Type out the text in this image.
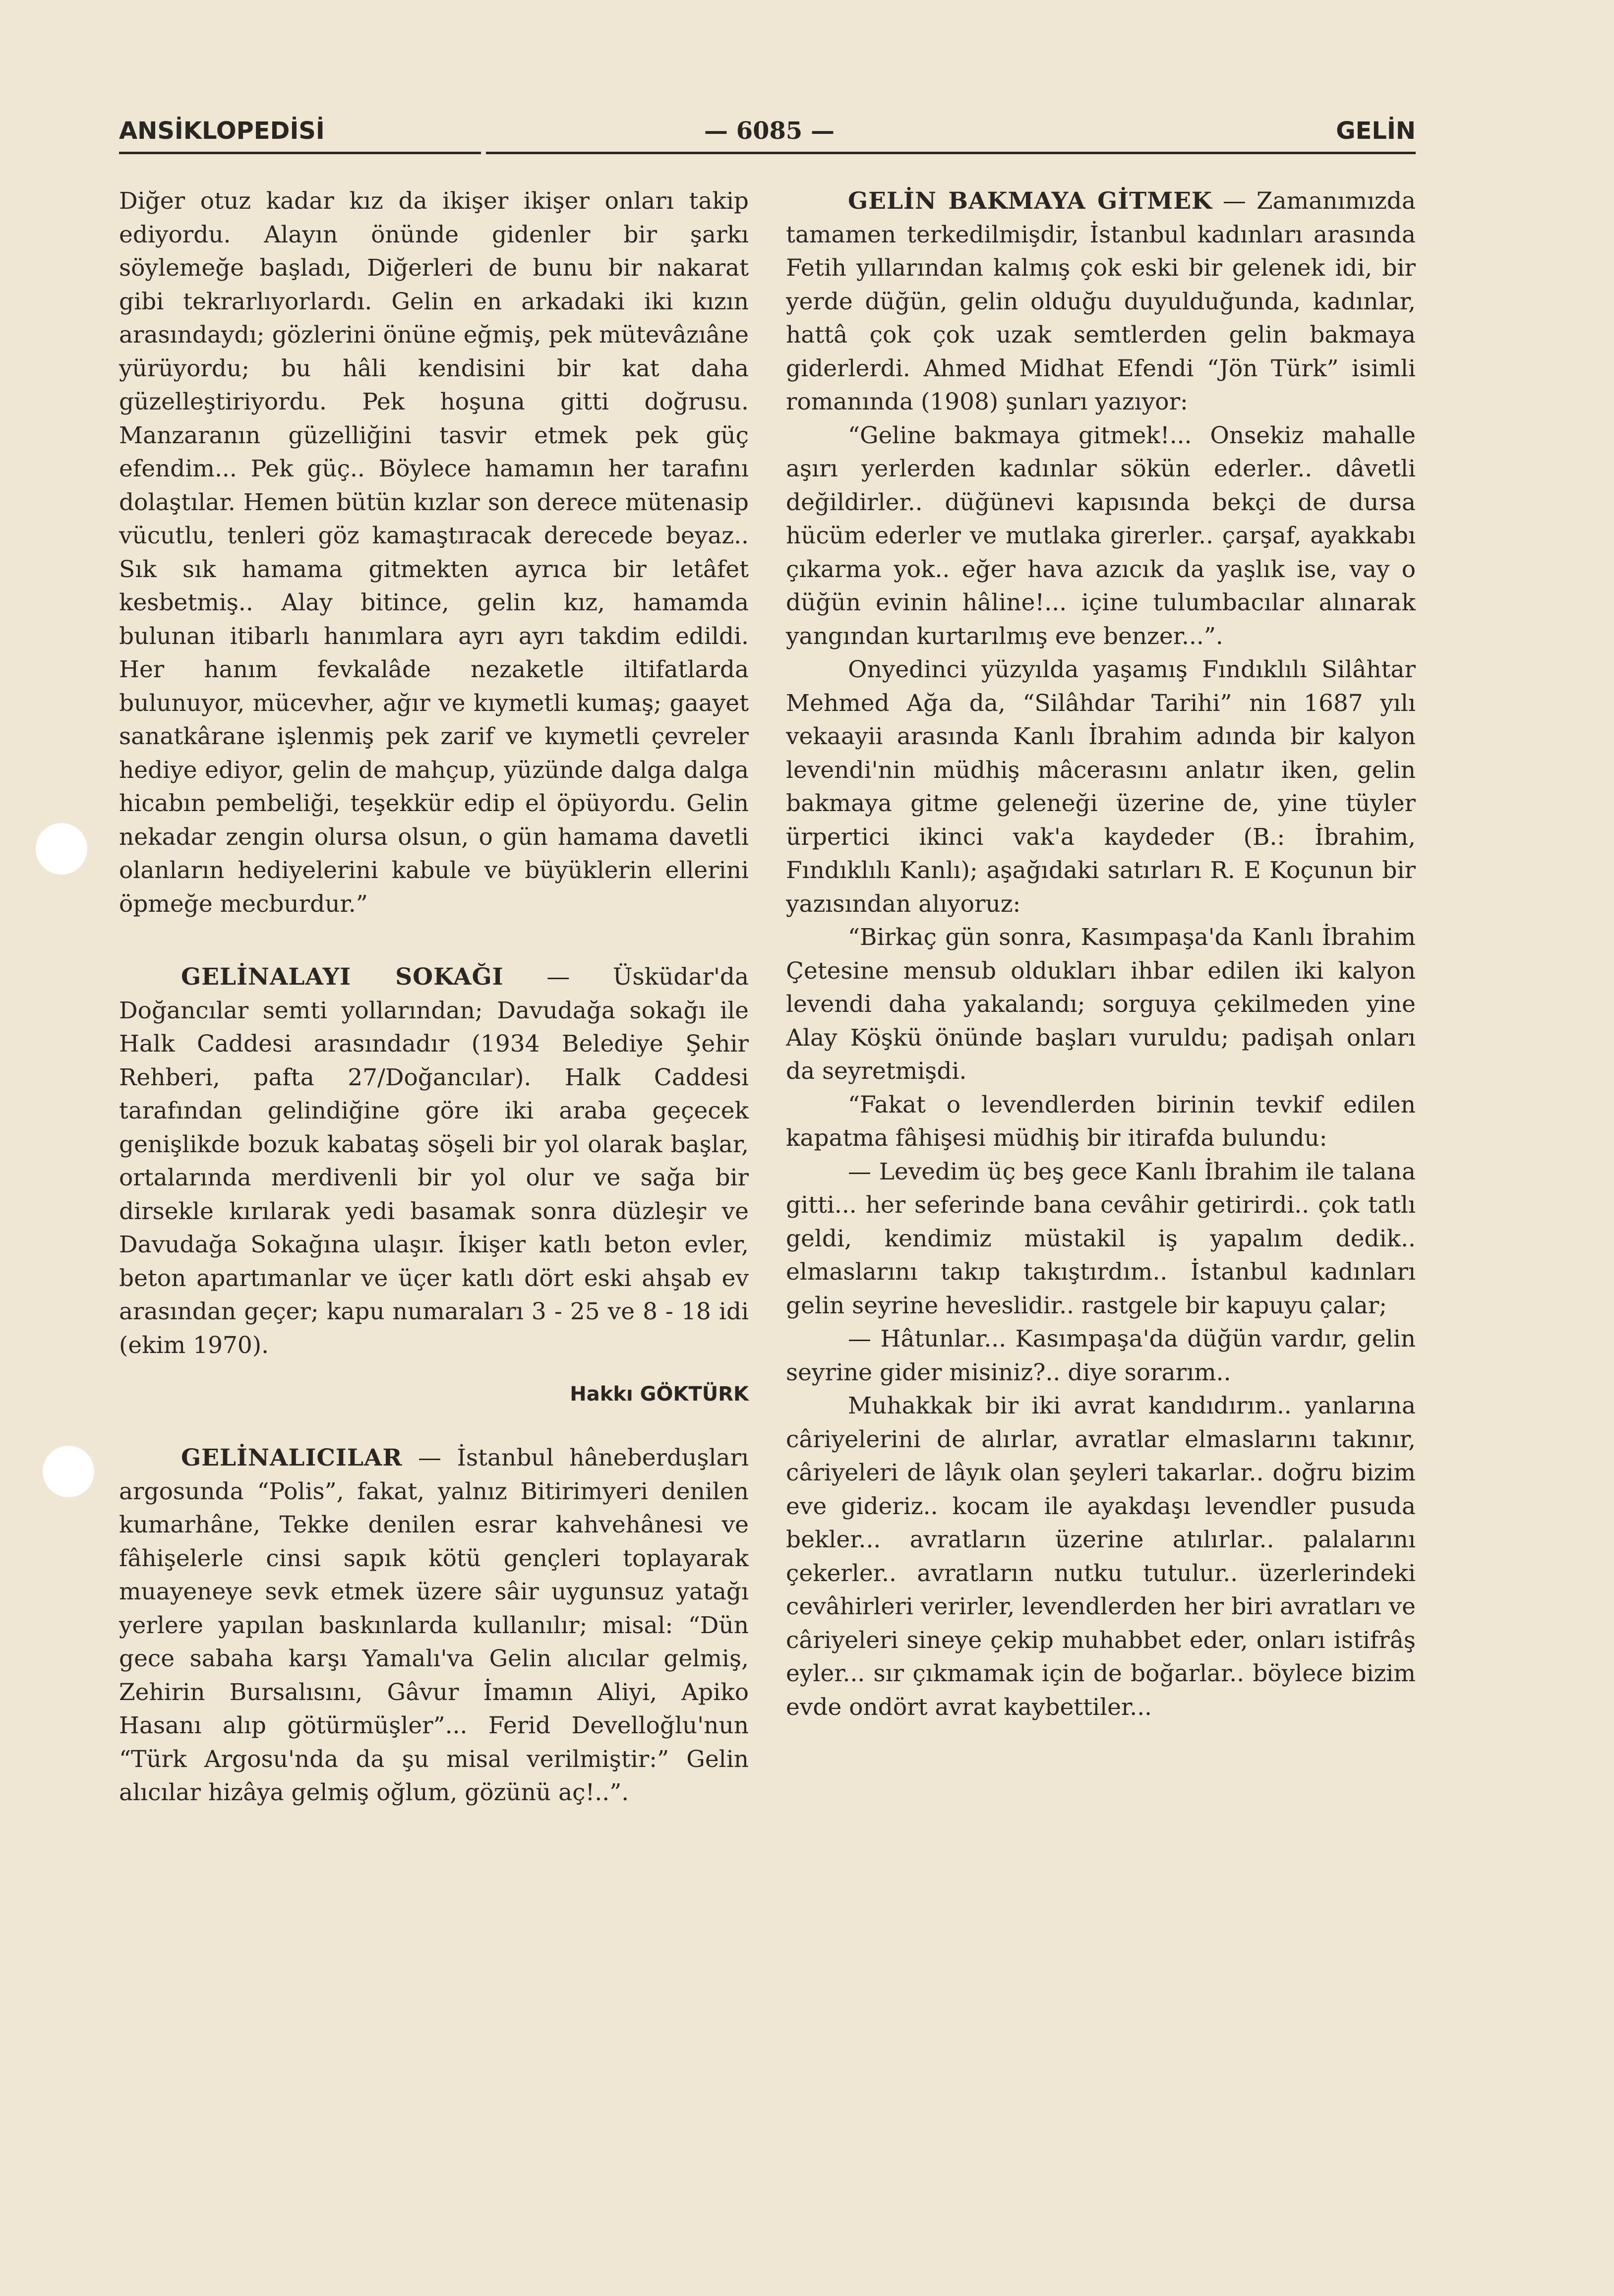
ANSİKLOPEDİSİ	— 6085 —	GELİN

Diğer otuz kadar kız da ikişer ikişer onları takip ediyordu. Alayın önünde gidenler bir şarkı söylemeğe başladı, Diğerleri de bunu bir nakarat gibi tekrarlıyorlardı. Gelin en arkadaki iki kızın arasındaydı; gözlerini önüne eğmiş, pek mütevâzıâne yürüyordu; bu hâli kendisini bir kat daha güzelleştiriyordu. Pek hoşuna gitti doğrusu. Manzaranın güzelliğini tasvir etmek pek güç efendim... Pek güç.. Böylece hamamın her tarafını dolaştılar. Hemen bütün kızlar son derece mütenasip vücutlu, tenleri göz kamaştıracak derecede beyaz.. Sık sık hamama gitmekten ayrıca bir letâfet kesbetmiş.. Alay bitince, gelin kız, hamamda bulunan itibarlı hanımlara ayrı ayrı takdim edildi. Her hanım fevkalâde nezaketle iltifatlarda bulunuyor, mücevher, ağır ve kıymetli kumaş; gaayet sanatkârane işlenmiş pek zarif ve kıymetli çevreler hediye ediyor, gelin de mahçup, yüzünde dalga dalga hicabın pembeliği, teşekkür edip el öpüyordu. Gelin nekadar zengin olursa olsun, o gün hamama davetli olanların hediyelerini kabule ve büyüklerin ellerini öpmeğe mecburdur.”

GELİNALAYI SOKAĞI — Üsküdar'da Doğancılar semti yollarından; Davudağa sokağı ile Halk Caddesi arasındadır (1934 Belediye Şehir Rehberi, pafta 27/Doğancılar). Halk Caddesi tarafından gelindiğine göre iki araba geçecek genişlikde bozuk kabataş söşeli bir yol olarak başlar, ortalarında merdivenli bir yol olur ve sağa bir dirsekle kırılarak yedi basamak sonra düzleşir ve Davudağa Sokağına ulaşır. İkişer katlı beton evler, beton apartımanlar ve üçer katlı dört eski ahşab ev arasından geçer; kapu numaraları 3 - 25 ve 8 - 18 idi (ekim 1970).

Hakkı GÖKTÜRK

GELİNALICILAR — İstanbul hâneberduşları argosunda “Polis”, fakat, yalnız Bitirimyeri denilen kumarhâne, Tekke denilen esrar kahvehânesi ve fâhişelerle cinsi sapık kötü gençleri toplayarak muayeneye sevk etmek üzere sâir uygunsuz yatağı yerlere yapılan baskınlarda kullanılır; misal: “Dün gece sabaha karşı Yamalı'va Gelin alıcılar gelmiş, Zehirin Bursalısını, Gâvur İmamın Aliyi, Apiko Hasanı alıp götürmüşler”... Ferid Develloğlu'nun “Türk Argosu'nda da şu misal verilmiştir:” Gelin alıcılar hizâya gelmiş oğlum, gözünü aç!..”.

GELİN BAKMAYA GİTMEK — Zamanımızda tamamen terkedilmişdir, İstanbul kadınları arasında Fetih yıllarından kalmış çok eski bir gelenek idi, bir yerde düğün, gelin olduğu duyulduğunda, kadınlar, hattâ çok çok uzak semtlerden gelin bakmaya giderlerdi. Ahmed Midhat Efendi “Jön Türk” isimli romanında (1908) şunları yazıyor:

“Geline bakmaya gitmek!... Onsekiz mahalle aşırı yerlerden kadınlar sökün ederler.. dâvetli değildirler.. düğünevi kapısında bekçi de dursa hücüm ederler ve mutlaka girerler.. çarşaf, ayakkabı çıkarma yok.. eğer hava azıcık da yaşlık ise, vay o düğün evinin hâline!... içine tulumbacılar alınarak yangından kurtarılmış eve benzer...”.

Onyedinci yüzyılda yaşamış Fındıklılı Silâhtar Mehmed Ağa da, “Silâhdar Tarihi” nin 1687 yılı vekaayii arasında Kanlı İbrahim adında bir kalyon levendi'nin müdhiş mâcerasını anlatır iken, gelin bakmaya gitme geleneği üzerine de, yine tüyler ürpertici ikinci vak'a kaydeder (B.: İbrahim, Fındıklılı Kanlı); aşağıdaki satırları R. E Koçunun bir yazısından alıyoruz:

“Birkaç gün sonra, Kasımpaşa'da Kanlı İbrahim Çetesine mensub oldukları ihbar edilen iki kalyon levendi daha yakalandı; sorguya çekilmeden yine Alay Köşkü önünde başları vuruldu; padişah onları da seyretmişdi.

“Fakat o levendlerden birinin tevkif edilen kapatma fâhişesi müdhiş bir itirafda bulundu:

— Levedim üç beş gece Kanlı İbrahim ile talana gitti... her seferinde bana cevâhir getirirdi.. çok tatlı geldi, kendimiz müstakil iş yapalım dedik.. elmaslarını takıp takıştırdım.. İstanbul kadınları gelin seyrine heveslidir.. rastgele bir kapuyu çalar;

— Hâtunlar... Kasımpaşa'da düğün vardır, gelin seyrine gider misiniz?.. diye sorarım..

Muhakkak bir iki avrat kandıdırım.. yanlarına câriyelerini de alırlar, avratlar elmaslarını takınır, câriyeleri de lâyık olan şeyleri takarlar.. doğru bizim eve gideriz.. kocam ile ayakdaşı levendler pusuda bekler... avratların üzerine atılırlar.. palalarını çekerler.. avratların nutku tutulur.. üzerlerindeki cevâhirleri verirler, levendlerden her biri avratları ve câriyeleri sineye çekip muhabbet eder, onları istifrâş eyler... sır çıkmamak için de boğarlar.. böylece bizim evde ondört avrat kaybettiler...
